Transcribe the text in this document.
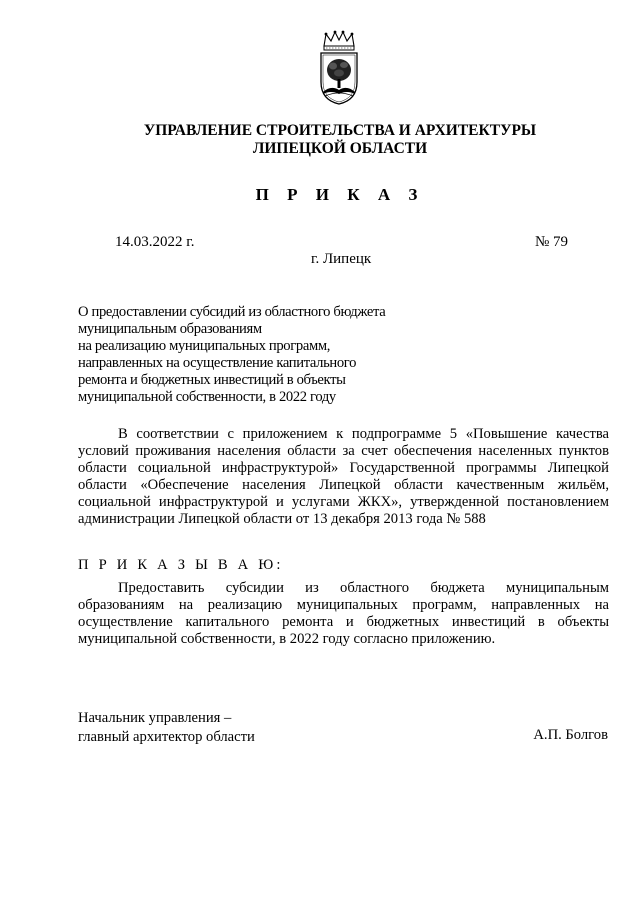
УПРАВЛЕНИЕ СТРОИТЕЛЬСТВА И АРХИТЕКТУРЫ
ЛИПЕЦКОЙ ОБЛАСТИ
П Р И К А З
14.03.2022 г.	№ 79
г. Липецк
О предоставлении субсидий из областного бюджета
муниципальным образованиям
на реализацию муниципальных программ,
направленных на осуществление капитального
ремонта и бюджетных инвестиций в объекты
муниципальной собственности, в 2022 году
В соответствии с приложением к подпрограмме 5 «Повышение качества условий проживания населения области за счет обеспечения населенных пунктов области социальной инфраструктурой» Государственной программы Липецкой области «Обеспечение населения Липецкой области качественным жильём, социальной инфраструктурой и услугами ЖКХ», утвержденной постановлением администрации Липецкой области от 13 декабря 2013 года № 588
П Р И К А З Ы В А Ю:
Предоставить субсидии из областного бюджета муниципальным образованиям на реализацию муниципальных программ, направленных на осуществление капитального ремонта и бюджетных инвестиций в объекты муниципальной собственности, в 2022 году согласно приложению.
Начальник управления –
главный архитектор области	А.П. Болгов
